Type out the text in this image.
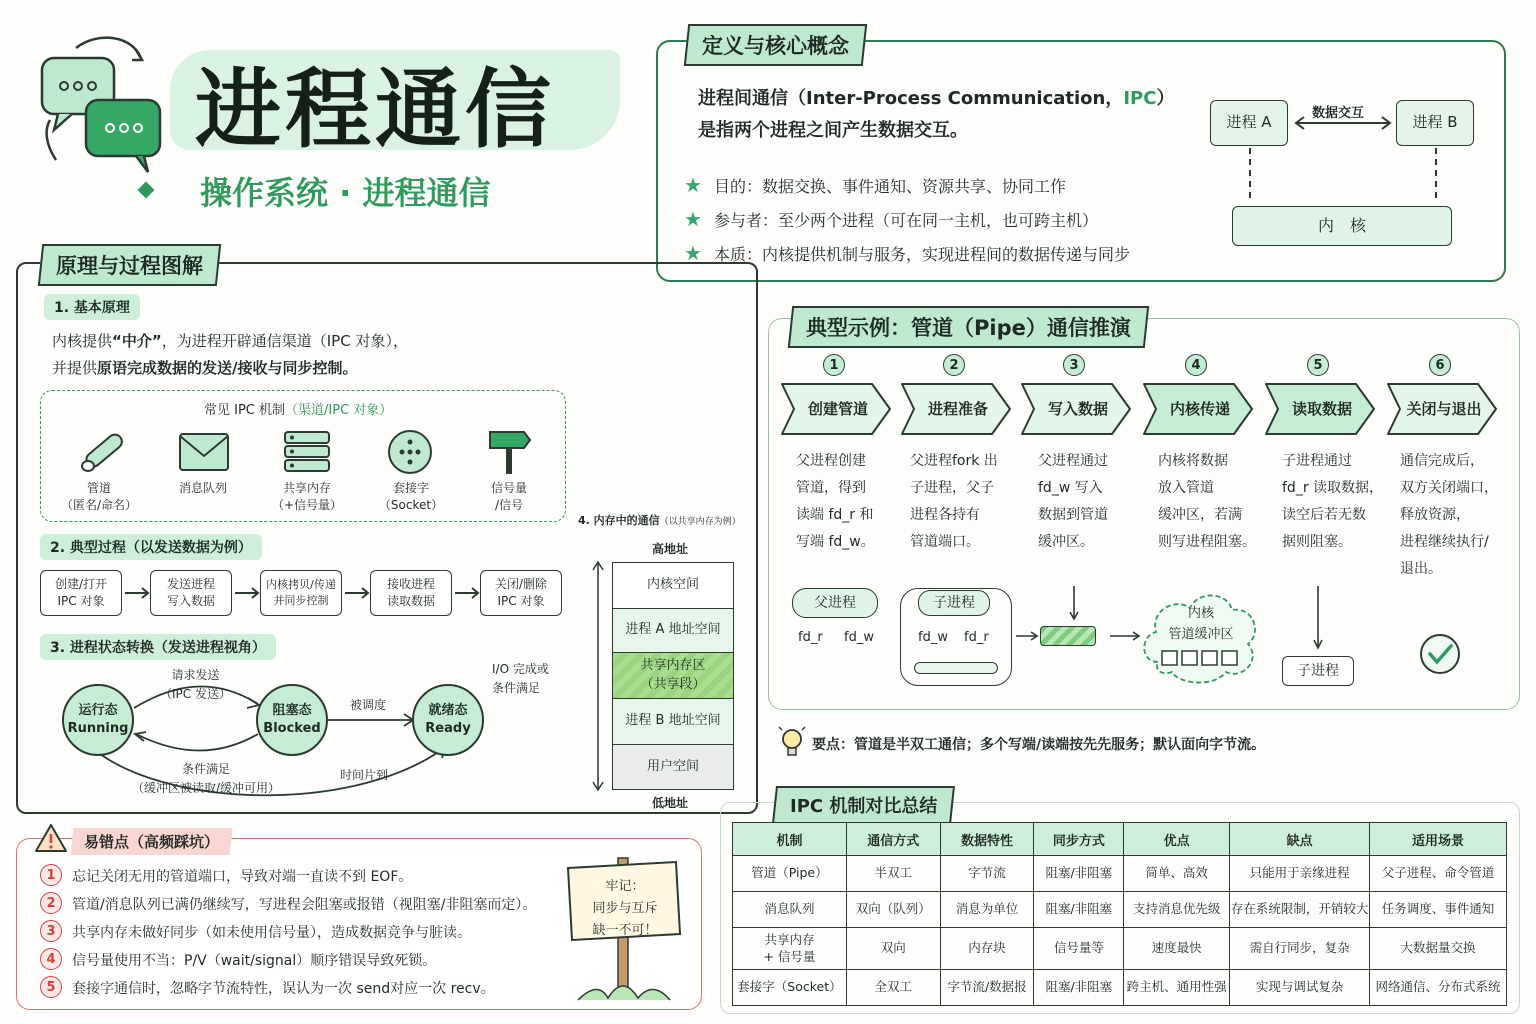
进程通信
操作系统 · 进程通信
定义与核心概念
进程间通信（Inter-Process Communication，IPC）
是指两个进程之间产生数据交互。
★ 目的： 数据交换、事件通知、资源共享、协同工作
★ 参与者： 至少两个进程（可在同一主机，也可跨主机）
★ 本质： 内核提供机制与服务，实现进程间的数据传递与同步
进程 A	进程 B
数据交互
内　核
原理与过程图解
1. 基本原理
内核提供“中介”，为进程开辟通信渠道（IPC 对象），
并提供原语完成数据的发送/接收与同步控制。
常见 IPC 机制（渠道/IPC 对象）
管道
（匿名/命名）
消息队列	共享内存
（+信号量）
套接字
（Socket）
信号量
/信号
2. 典型过程（以发送数据为例）
创建/打开
IPC 对象
发送进程
写入数据
内核拷贝/传递
并同步控制
接收进程
读取数据
关闭/删除
IPC 对象
3. 进程状态转换（发送进程视角）
运行态
Running
阻塞态
Blocked
就绪态
Ready
请求发送
（IPC 发送）
被调度
I/O 完成或
条件满足
条件满足
（缓冲区被读取/缓冲可用）
时间片到
4. 内存中的通信（以共享内存为例）
高地址
低地址
内核空间
进程 A 地址空间
共享内存区
（共享段）
进程 B 地址空间
用户空间
典型示例：管道（Pipe）通信推演
1
创建管道
父进程创建
管道，得到
读端 fd_r 和
写端 fd_w。
2
进程准备
父进程fork 出
子进程，父子
进程各持有
管道端口。
3
写入数据
父进程通过
fd_w 写入
数据到管道
缓冲区。
4
内核传递
内核将数据
放入管道
缓冲区，若满
则写进程阻塞。
5
读取数据
子进程通过
fd_r 读取数据，
读空后若无数
据则阻塞。
6
关闭与退出
通信完成后，
双方关闭端口，
释放资源，
进程继续执行/
退出。
父进程
fd_r fd_w
子进程
fd_w fd_r
内核
管道缓冲区
子进程
要点：管道是半双工通信；多个写端/读端按先先服务；默认面向字节流。
易错点（高频踩坑）
1	忘记关闭无用的管道端口，导致对端一直读不到 EOF。
2	管道/消息队列已满仍继续写，写进程会阻塞或报错（视阻塞/非阻塞而定）。
3	共享内存未做好同步（如未使用信号量），造成数据竞争与脏读。
4	信号量使用不当：P/V（wait/signal）顺序错误导致死锁。
5	套接字通信时，忽略字节流特性，误认为一次 send对应一次 recv。
牢记：
同步与互斥
缺一不可！
IPC 机制对比总结
机制	通信方式	数据特性	同步方式	优点	缺点	适用场景
管道（Pipe）	半双工	字节流	阻塞/非阻塞	简单、高效	只能用于亲缘进程	父子进程、命令管道
消息队列	双向（队列）	消息为单位	阻塞/非阻塞	支持消息优先级	存在系统限制，开销较大	任务调度、事件通知
共享内存
+ 信号量	双向	内存块	信号量等	速度最快	需自行同步，复杂	大数据量交换
套接字（Socket）	全双工	字节流/数据报	阻塞/非阻塞	跨主机、通用性强	实现与调试复杂	网络通信、分布式系统
